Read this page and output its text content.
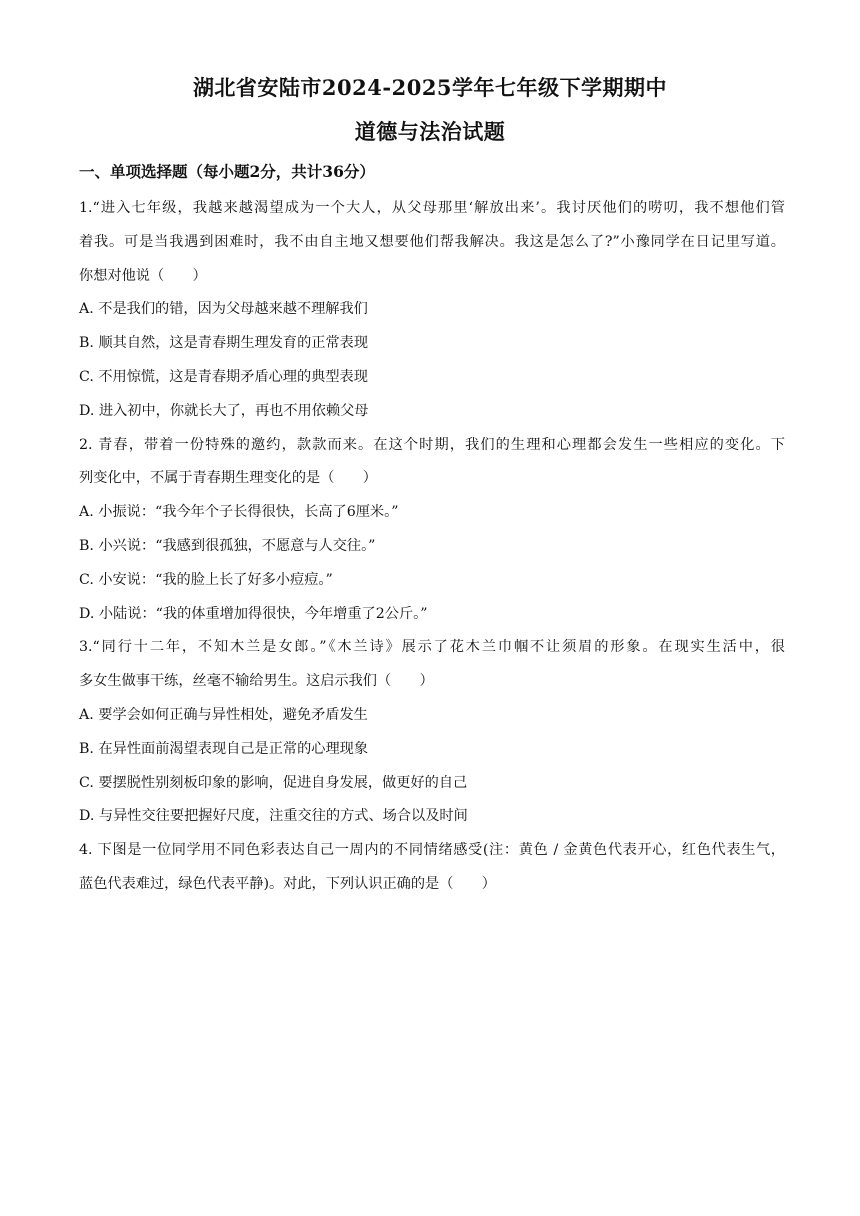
湖北省安陆市2024-2025学年七年级下学期期中
道德与法治试题
一、单项选择题（每小题2分，共计36分）
1.“进入七年级，我越来越渴望成为一个大人，从父母那里‘解放出来’。我讨厌他们的唠叨，我不想他们管
着我。可是当我遇到困难时，我不由自主地又想要他们帮我解决。我这是怎么了?”小豫同学在日记里写道。
你想对他说（　　）
A. 不是我们的错，因为父母越来越不理解我们
B. 顺其自然，这是青春期生理发育的正常表现
C. 不用惊慌，这是青春期矛盾心理的典型表现
D. 进入初中，你就长大了，再也不用依赖父母
2. 青春，带着一份特殊的邀约，款款而来。在这个时期，我们的生理和心理都会发生一些相应的变化。下
列变化中，不属于青春期生理变化的是（　　）
A. 小振说：“我今年个子长得很快，长高了6厘米。”
B. 小兴说：“我感到很孤独，不愿意与人交往。”
C. 小安说：“我的脸上长了好多小痘痘。”
D. 小陆说：“我的体重增加得很快，今年增重了2公斤。”
3.“同行十二年，不知木兰是女郎。”《木兰诗》展示了花木兰巾帼不让须眉的形象。在现实生活中，很
多女生做事干练，丝毫不输给男生。这启示我们（　　）
A. 要学会如何正确与异性相处，避免矛盾发生
B. 在异性面前渴望表现自己是正常的心理现象
C. 要摆脱性别刻板印象的影响，促进自身发展，做更好的自己
D. 与异性交往要把握好尺度，注重交往的方式、场合以及时间
4. 下图是一位同学用不同色彩表达自己一周内的不同情绪感受(注：黄色 / 金黄色代表开心，红色代表生气，
蓝色代表难过，绿色代表平静)。对此，下列认识正确的是（　　）
